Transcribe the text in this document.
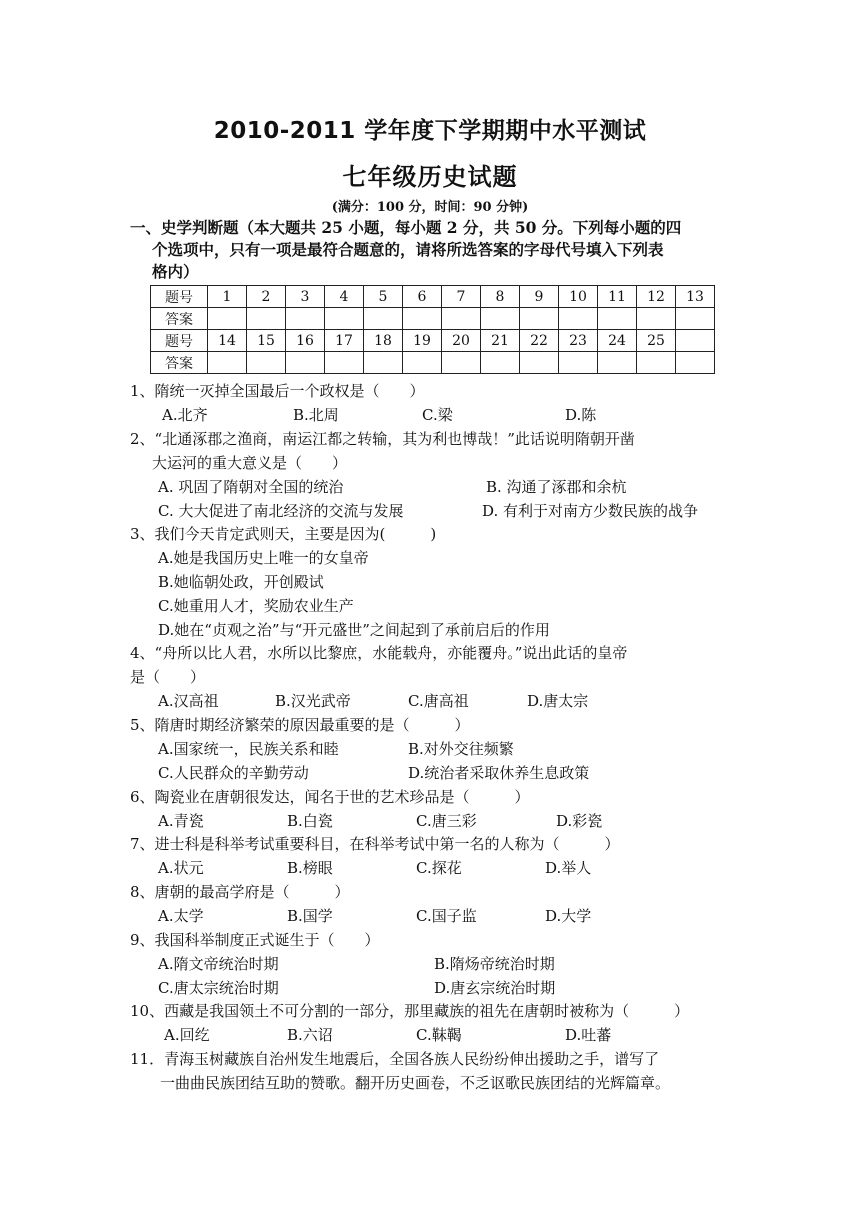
2010-2011 学年度下学期期中水平测试
七年级历史试题
(满分：100 分，时间：90 分钟)
一、史学判断题（本大题共 25 小题，每小题 2 分，共 50 分。下列每小题的四
个选项中，只有一项是最符合题意的，请将所选答案的字母代号填入下列表
格内）
题号	1	2	3	4	5	6	7	8	9	10	11	12	13
答案													
题号	14	15	16	17	18	19	20	21	22	23	24	25	
答案													
1、隋统一灭掉全国最后一个政权是（　　）
A.北齐	B.北周	C.梁	D.陈
2、“北通涿郡之渔商，南运江都之转输，其为利也博哉！”此话说明隋朝开凿
大运河的重大意义是（　　）
A. 巩固了隋朝对全国的统治	B. 沟通了涿郡和余杭
C. 大大促进了南北经济的交流与发展	D. 有利于对南方少数民族的战争
3、我们今天肯定武则天，主要是因为(　　　)
A.她是我国历史上唯一的女皇帝
B.她临朝处政，开创殿试
C.她重用人才，奖励农业生产
D.她在“贞观之治”与“开元盛世”之间起到了承前启后的作用
4、“舟所以比人君，水所以比黎庶，水能载舟，亦能覆舟。”说出此话的皇帝
是（　　）
A.汉高祖	B.汉光武帝	C.唐高祖	D.唐太宗
5、隋唐时期经济繁荣的原因最重要的是（　　　）
A.国家统一，民族关系和睦	B.对外交往频繁
C.人民群众的辛勤劳动	D.统治者采取休养生息政策
6、陶瓷业在唐朝很发达，闻名于世的艺术珍品是（　　　）
A.青瓷	B.白瓷	C.唐三彩	D.彩瓷
7、进士科是科举考试重要科目，在科举考试中第一名的人称为（　　　）
A.状元	B.榜眼	C.探花	D.举人
8、唐朝的最高学府是（　　　）
A.太学	B.国学	C.国子监	D.大学
9、我国科举制度正式诞生于（　　）
A.隋文帝统治时期	B.隋炀帝统治时期
C.唐太宗统治时期	D.唐玄宗统治时期
10、西藏是我国领土不可分割的一部分，那里藏族的祖先在唐朝时被称为（　　　）
A.回纥	B.六诏	C.靺鞨	D.吐蕃
11．青海玉树藏族自治州发生地震后，全国各族人民纷纷伸出援助之手，谱写了
一曲曲民族团结互助的赞歌。翻开历史画卷，不乏讴歌民族团结的光辉篇章。
